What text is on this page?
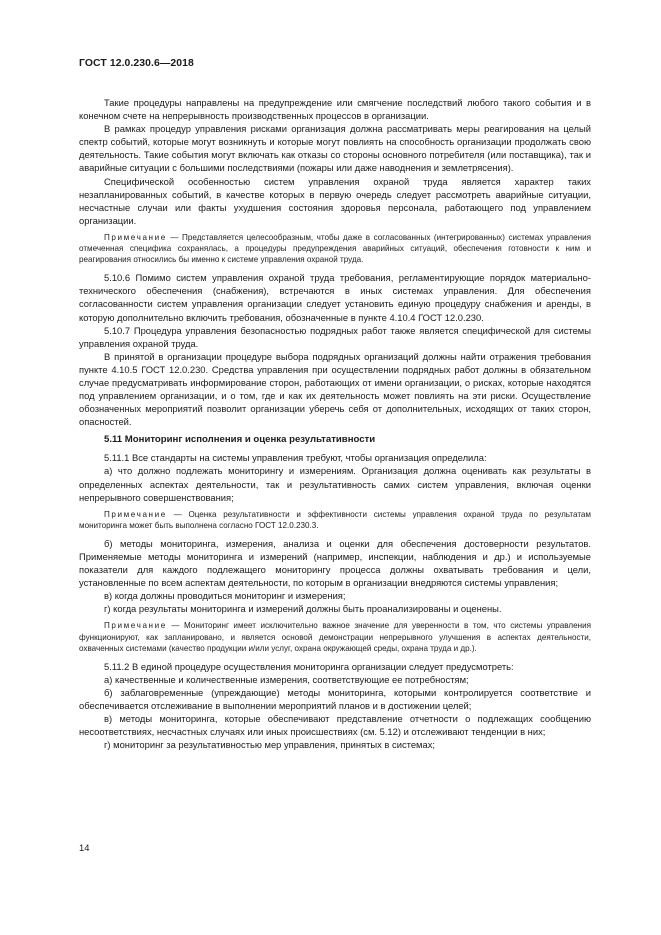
ГОСТ 12.0.230.6—2018

Такие процедуры направлены на предупреждение или смягчение последствий любого такого события и в конечном счете на непрерывность производственных процессов в организации.

В рамках процедур управления рисками организация должна рассматривать меры реагирования на целый спектр событий, которые могут возникнуть и которые могут повлиять на способность организации продолжать свою деятельность. Такие события могут включать как отказы со стороны основного потребителя (или поставщика), так и аварийные ситуации с большими последствиями (пожары или даже наводнения и землетрясения).

Специфической особенностью систем управления охраной труда является характер таких незапланированных событий, в качестве которых в первую очередь следует рассмотреть аварийные ситуации, несчастные случаи или факты ухудшения состояния здоровья персонала, работающего под управлением организации.

Примечание — Представляется целесообразным, чтобы даже в согласованных (интегрированных) системах управления отмеченная специфика сохранялась, а процедуры предупреждения аварийных ситуаций, обеспечения готовности к ним и реагирования относились бы именно к системе управления охраной труда.

5.10.6 Помимо систем управления охраной труда требования, регламентирующие порядок материально-технического обеспечения (снабжения), встречаются в иных системах управления. Для обеспечения согласованности систем управления организации следует установить единую процедуру снабжения и аренды, в которую дополнительно включить требования, обозначенные в пункте 4.10.4 ГОСТ 12.0.230.

5.10.7 Процедура управления безопасностью подрядных работ также является специфической для системы управления охраной труда.

В принятой в организации процедуре выбора подрядных организаций должны найти отражения требования пункте 4.10.5 ГОСТ 12.0.230. Средства управления при осуществлении подрядных работ должны в обязательном случае предусматривать информирование сторон, работающих от имени организации, о рисках, которые находятся под управлением организации, и о том, где и как их деятельность может повлиять на эти риски. Осуществление обозначенных мероприятий позволит организации уберечь себя от дополнительных, исходящих от таких сторон, опасностей.

5.11 Мониторинг исполнения и оценка результативности

5.11.1 Все стандарты на системы управления требуют, чтобы организация определила:

а) что должно подлежать мониторингу и измерениям. Организация должна оценивать как результаты в определенных аспектах деятельности, так и результативность самих систем управления, включая оценки непрерывного совершенствования;

Примечание — Оценка результативности и эффективности системы управления охраной труда по результатам мониторинга может быть выполнена согласно ГОСТ 12.0.230.3.

б) методы мониторинга, измерения, анализа и оценки для обеспечения достоверности результатов. Применяемые методы мониторинга и измерений (например, инспекции, наблюдения и др.) и используемые показатели для каждого подлежащего мониторингу процесса должны охватывать требования и цели, установленные по всем аспектам деятельности, по которым в организации внедряются системы управления;

в) когда должны проводиться мониторинг и измерения;

г) когда результаты мониторинга и измерений должны быть проанализированы и оценены.

Примечание — Мониторинг имеет исключительно важное значение для уверенности в том, что системы управления функционируют, как запланировано, и является основой демонстрации непрерывного улучшения в аспектах деятельности, охваченных системами (качество продукции и/или услуг, охрана окружающей среды, охрана труда и др.).

5.11.2 В единой процедуре осуществления мониторинга организации следует предусмотреть:

а) качественные и количественные измерения, соответствующие ее потребностям;

б) заблаговременные (упреждающие) методы мониторинга, которыми контролируется соответствие и обеспечивается отслеживание в выполнении мероприятий планов и в достижении целей;

в) методы мониторинга, которые обеспечивают представление отчетности о подлежащих сообщению несоответствиях, несчастных случаях или иных происшествиях (см. 5.12) и отслеживают тенденции в них;

г) мониторинг за результативностью мер управления, принятых в системах;

14
